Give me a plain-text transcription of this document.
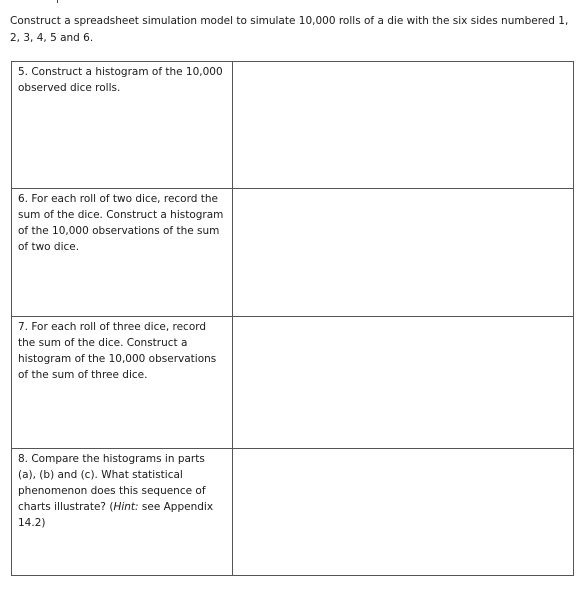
Construct a spreadsheet simulation model to simulate 10,000 rolls of a die with the six sides numbered 1, 2, 3, 4, 5 and 6.

5. Construct a histogram of the 10,000 observed dice rolls.	

6. For each roll of two dice, record the sum of the dice. Construct a histogram of the 10,000 observations of the sum of two dice.	

7. For each roll of three dice, record the sum of the dice. Construct a histogram of the 10,000 observations of the sum of three dice.	

8. Compare the histograms in parts (a), (b) and (c). What statistical phenomenon does this sequence of charts illustrate? (Hint: see Appendix 14.2)	
